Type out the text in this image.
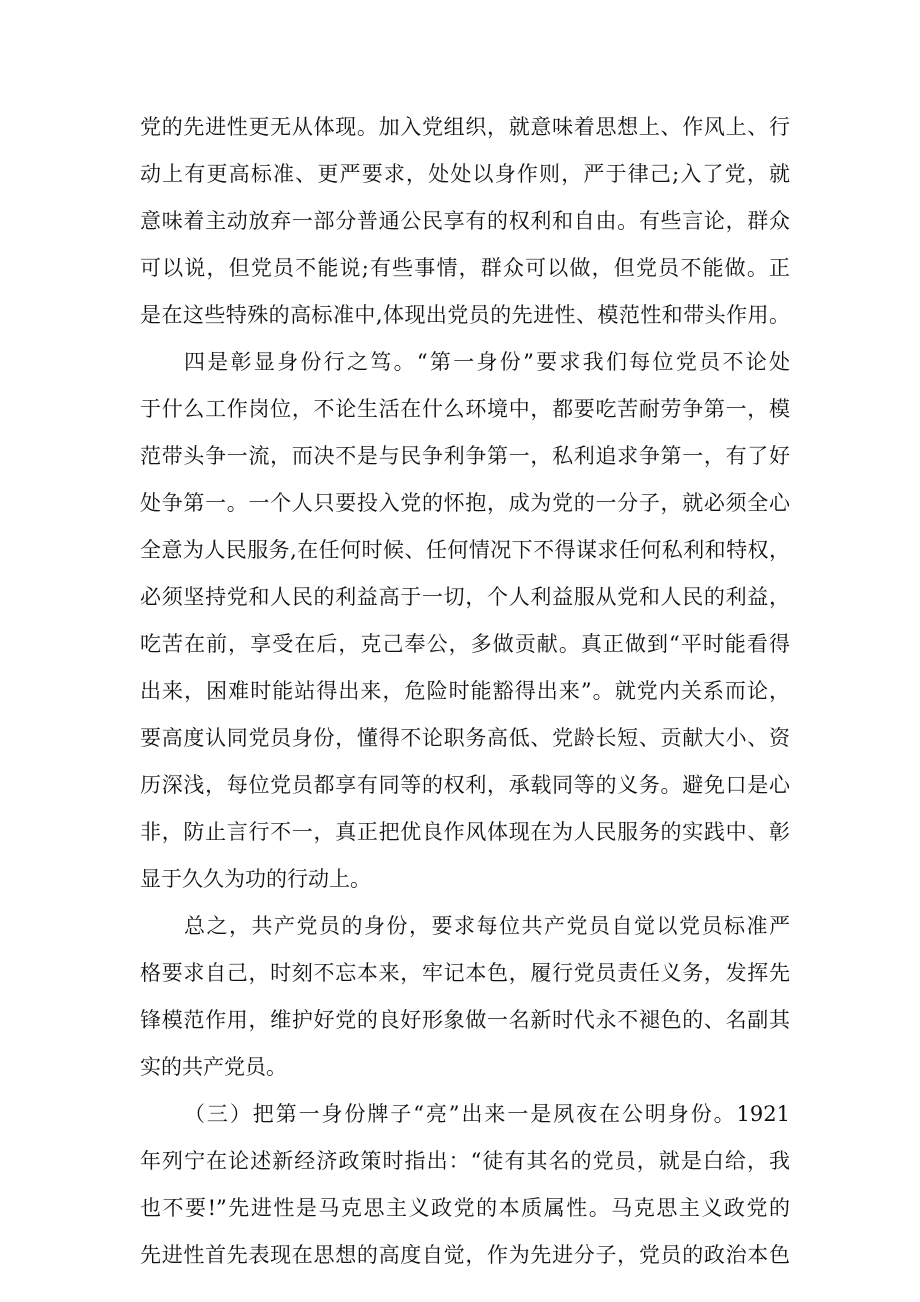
党的先进性更无从体现。加入党组织，就意味着思想上、作风上、行
动上有更高标准、更严要求，处处以身作则，严于律己;入了党，就
意味着主动放弃一部分普通公民享有的权利和自由。有些言论，群众
可以说，但党员不能说;有些事情，群众可以做，但党员不能做。正
是在这些特殊的高标准中,体现出党员的先进性、模范性和带头作用。
四是彰显身份行之笃。“第一身份”要求我们每位党员不论处
于什么工作岗位，不论生活在什么环境中，都要吃苦耐劳争第一，模
范带头争一流，而决不是与民争利争第一，私利追求争第一，有了好
处争第一。一个人只要投入党的怀抱，成为党的一分子，就必须全心
全意为人民服务,在任何时候、任何情况下不得谋求任何私利和特权，
必须坚持党和人民的利益高于一切，个人利益服从党和人民的利益，
吃苦在前，享受在后，克己奉公，多做贡献。真正做到“平时能看得
出来，困难时能站得出来，危险时能豁得出来”。就党内关系而论，
要高度认同党员身份，懂得不论职务高低、党龄长短、贡献大小、资
历深浅，每位党员都享有同等的权利，承载同等的义务。避免口是心
非，防止言行不一，真正把优良作风体现在为人民服务的实践中、彰
显于久久为功的行动上。
总之，共产党员的身份，要求每位共产党员自觉以党员标准严
格要求自己，时刻不忘本来，牢记本色，履行党员责任义务，发挥先
锋模范作用，维护好党的良好形象做一名新时代永不褪色的、名副其
实的共产党员。
（三）把第一身份牌子“亮”出来一是夙夜在公明身份。1921
年列宁在论述新经济政策时指出：“徒有其名的党员，就是白给，我
也不要!”先进性是马克思主义政党的本质属性。马克思主义政党的
先进性首先表现在思想的高度自觉，作为先进分子，党员的政治本色
